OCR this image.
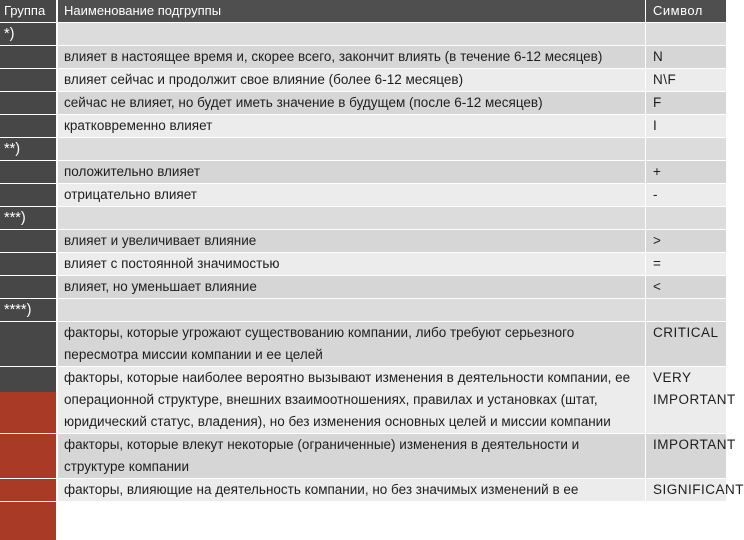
Группа	Наименование подгруппы	Символ
*)		
	влияет в настоящее время и, скорее всего, закончит влиять (в течение 6-12 месяцев)	N
	влияет сейчас и продолжит свое влияние (более 6-12 месяцев)	N\F
	сейчас не влияет, но будет иметь значение в будущем (после 6-12 месяцев)	F
	кратковременно влияет	I
**)		
	положительно влияет	+
	отрицательно влияет	-
***)		
	влияет и увеличивает влияние	>
	влияет с постоянной значимостью	=
	влияет, но уменьшает влияние	<
****)		
	факторы, которые угрожают существованию компании, либо требуют серьезного пересмотра миссии компании и ее целей	CRITICAL
	факторы, которые наиболее вероятно вызывают изменения в деятельности компании, ее операционной структуре, внешних взаимоотношениях, правилах и установках (штат, юридический статус, владения), но без изменения основных целей и миссии компании	VERY IMPORTANT
	факторы, которые влекут некоторые (ограниченные) изменения в деятельности и структуре компании	IMPORTANT
	факторы, влияющие на деятельность компании, но без значимых изменений в ее	SIGNIFICANT
